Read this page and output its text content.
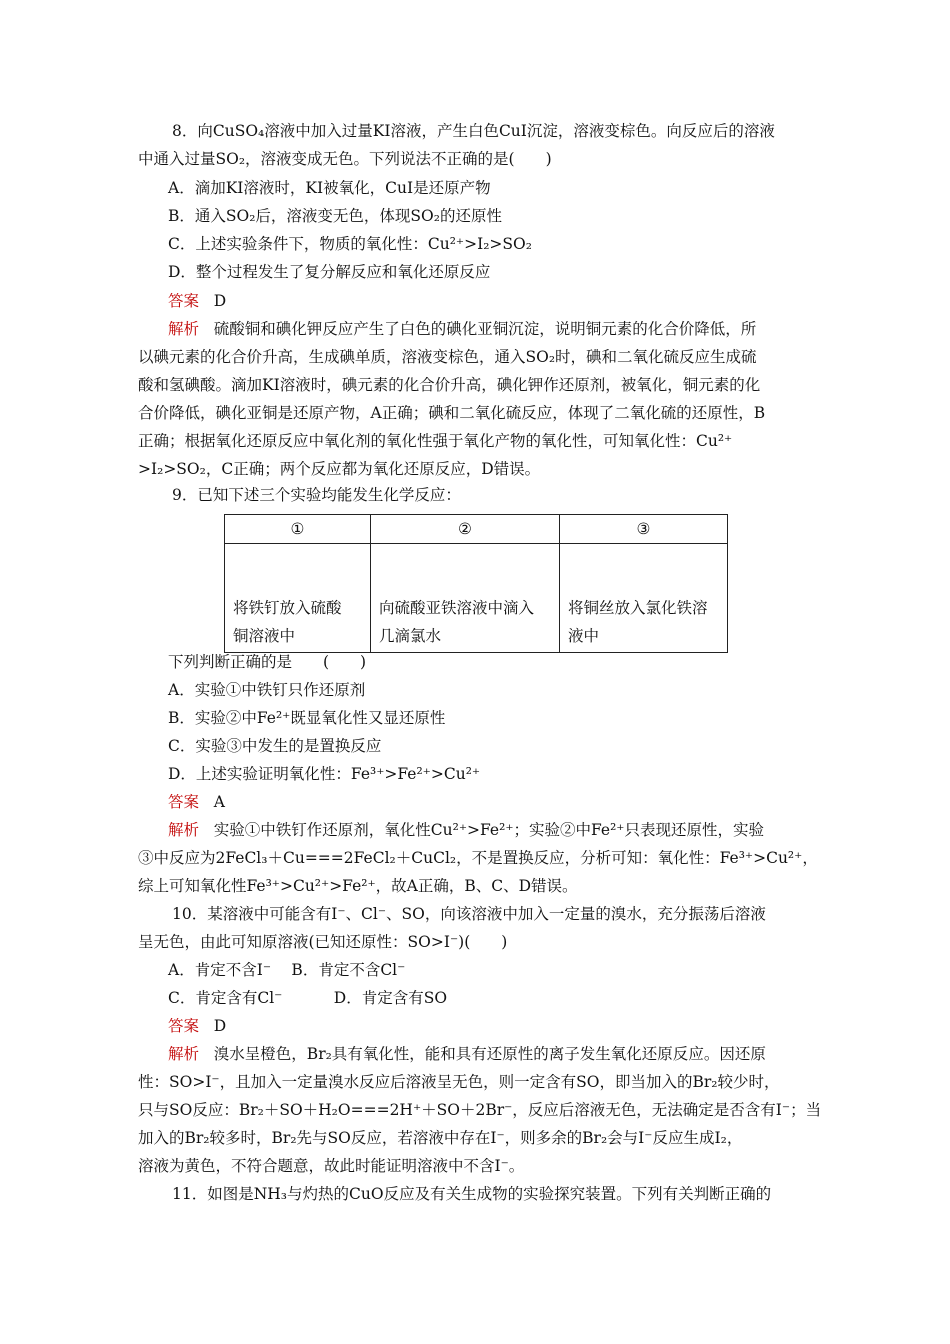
8．向CuSO₄溶液中加入过量KI溶液，产生白色CuI沉淀，溶液变棕色。向反应后的溶液
中通入过量SO₂，溶液变成无色。下列说法不正确的是(　　)
A．滴加KI溶液时，KI被氧化，CuI是还原产物
B．通入SO₂后，溶液变无色，体现SO₂的还原性
C．上述实验条件下，物质的氧化性：Cu²⁺>I₂>SO₂
D．整个过程发生了复分解反应和氧化还原反应
答案 D
解析 硫酸铜和碘化钾反应产生了白色的碘化亚铜沉淀，说明铜元素的化合价降低，所
以碘元素的化合价升高，生成碘单质，溶液变棕色，通入SO₂时，碘和二氧化硫反应生成硫
酸和氢碘酸。滴加KI溶液时，碘元素的化合价升高，碘化钾作还原剂，被氧化，铜元素的化
合价降低，碘化亚铜是还原产物，A正确；碘和二氧化硫反应，体现了二氧化硫的还原性，B
正确；根据氧化还原反应中氧化剂的氧化性强于氧化产物的氧化性，可知氧化性：Cu²⁺
>I₂>SO₂，C正确；两个反应都为氧化还原反应，D错误。
9．已知下述三个实验均能发生化学反应：
①	②	③

将铁钉放入硫酸铜溶液中	向硫酸亚铁溶液中滴入几滴氯水	将铜丝放入氯化铁溶液中
下列判断正确的是　　(　　)
A．实验①中铁钉只作还原剂
B．实验②中Fe²⁺既显氧化性又显还原性
C．实验③中发生的是置换反应
D．上述实验证明氧化性：Fe³⁺>Fe²⁺>Cu²⁺
答案 A
解析 实验①中铁钉作还原剂，氧化性Cu²⁺>Fe²⁺；实验②中Fe²⁺只表现还原性，实验
③中反应为2FeCl₃＋Cu===2FeCl₂＋CuCl₂，不是置换反应，分析可知：氧化性：Fe³⁺>Cu²⁺，
综上可知氧化性Fe³⁺>Cu²⁺>Fe²⁺，故A正确，B、C、D错误。
10．某溶液中可能含有I⁻、Cl⁻、SO，向该溶液中加入一定量的溴水，充分振荡后溶液
呈无色，由此可知原溶液(已知还原性：SO>I⁻)(　　)
A．肯定不含I⁻　 B．肯定不含Cl⁻
C．肯定含有Cl⁻　　　 D．肯定含有SO
答案 D
解析 溴水呈橙色，Br₂具有氧化性，能和具有还原性的离子发生氧化还原反应。因还原
性：SO>I⁻，且加入一定量溴水反应后溶液呈无色，则一定含有SO，即当加入的Br₂较少时，
只与SO反应：Br₂＋SO＋H₂O===2H⁺＋SO＋2Br⁻，反应后溶液无色，无法确定是否含有I⁻；当
加入的Br₂较多时，Br₂先与SO反应，若溶液中存在I⁻，则多余的Br₂会与I⁻反应生成I₂，
溶液为黄色，不符合题意，故此时能证明溶液中不含I⁻。
11．如图是NH₃与灼热的CuO反应及有关生成物的实验探究装置。下列有关判断正确的
